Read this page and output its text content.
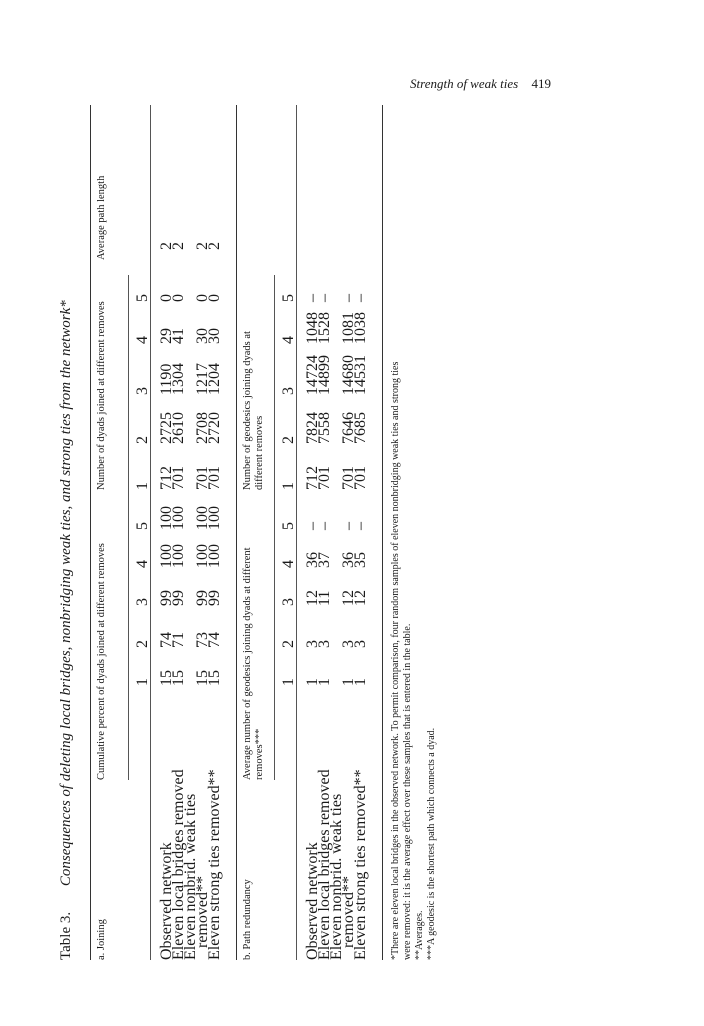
Strength of weak ties 419
Table 3. Consequences of deleting local bridges, nonbridging weak ties, and strong ties from the network*
a. Joining
Cumulative percent of dyads joined at different removes
Number of dyads joined at different removes
Average path length
1
2
3
4
5
1
2
3
4
5
Observed network
15
74
99
100
100
712
2725
1190
29
0
2
Eleven local bridges removed
15
71
99
100
100
701
2610
1304
41
0
2
Eleven nonbrid. weak ties
removed**
15
73
99
100
100
701
2708
1217
30
0
2
Eleven strong ties removed**
15
74
99
100
100
701
2720
1204
30
0
2
b. Path redundancy
Average number of geodesics joining dyads at different removes***
Number of geodesics joining dyads at different removes
1
2
3
4
5
1
2
3
4
5
Observed network
1
3
12
36
–
712
7824
14724
1048
–
Eleven local bridges removed
1
3
11
37
–
701
7558
14899
1528
–
Eleven nonbrid. weak ties
removed**
1
3
12
36
–
701
7646
14680
1081
–
Eleven strong ties removed**
1
3
12
35
–
701
7685
14531
1038
–

*There are eleven local bridges in the observed network. To permit comparison, four random samples of eleven nonbridging weak ties and strong ties were removed: it is the average effect over these samples that is entered in the table. **Averages. ***A geodesic is the shortest path which connects a dyad.
